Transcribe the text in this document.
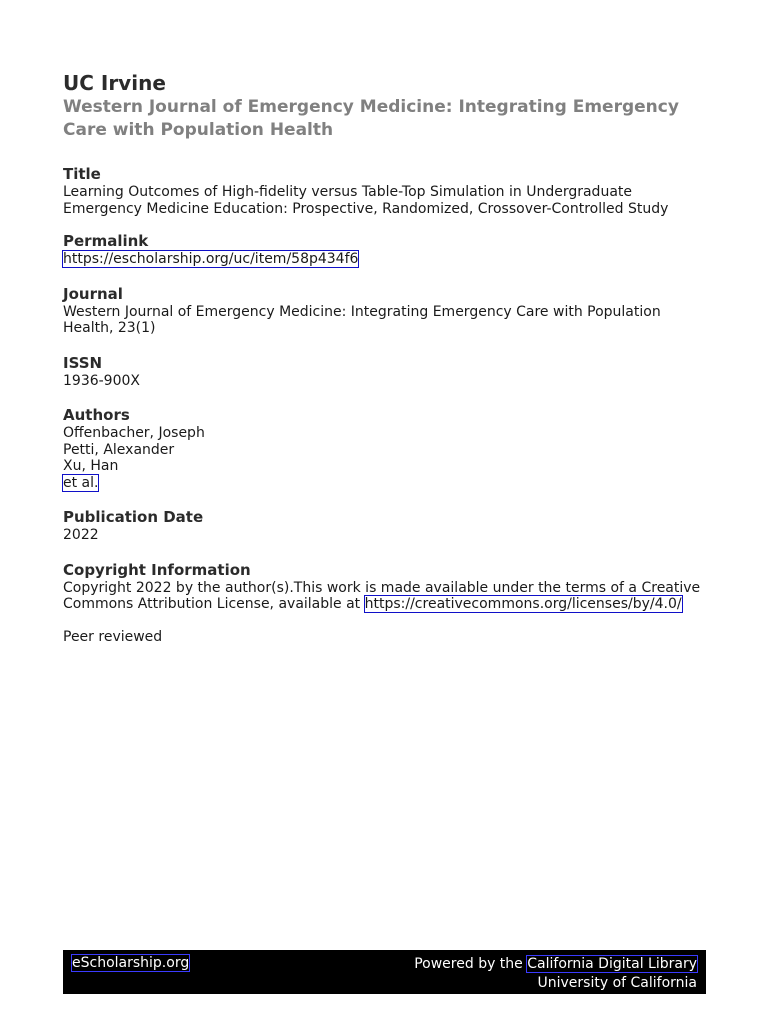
UC Irvine

Western Journal of Emergency Medicine: Integrating Emergency Care with Population Health

Title

Learning Outcomes of High-fidelity versus Table-Top Simulation in Undergraduate Emergency Medicine Education: Prospective, Randomized, Crossover-Controlled Study

Permalink

https://escholarship.org/uc/item/58p434f6

Journal

Western Journal of Emergency Medicine: Integrating Emergency Care with Population Health, 23(1)

ISSN

1936-900X

Authors

Offenbacher, Joseph

Petti, Alexander

Xu, Han

et al.

Publication Date

2022

Copyright Information

Copyright 2022 by the author(s).This work is made available under the terms of a Creative Commons Attribution License, available at https://creativecommons.org/licenses/by/4.0/

Peer reviewed

eScholarship.org	Powered by the California Digital Library
University of California
